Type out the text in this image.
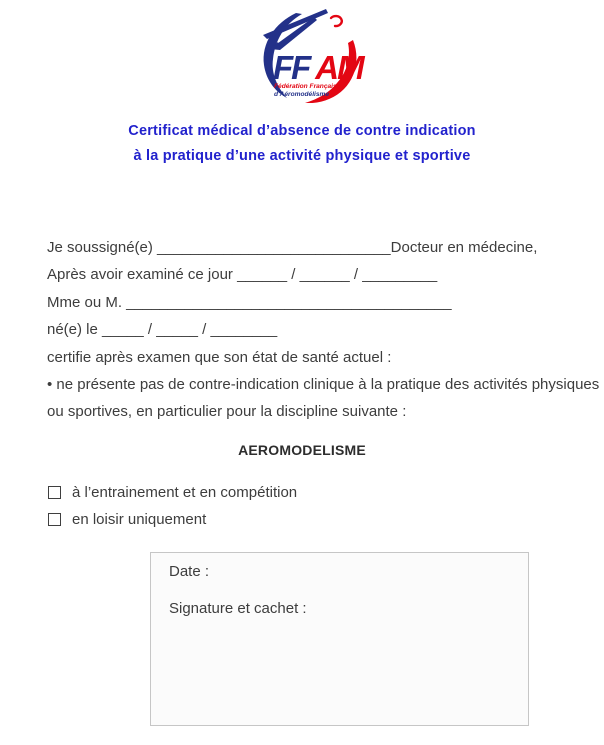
FF AM
Fédération Française
d'Aéromodélisme
Certificat médical d’absence de contre indication
à la pratique d’une activité physique et sportive
Je soussigné(e) ____________________________Docteur en médecine,
Après avoir examiné ce jour ______ / ______ / _________
Mme ou M. _______________________________________
né(e) le _____ / _____ / ________
certifie après examen que son état de santé actuel :
• ne présente pas de contre-indication clinique à la pratique des activités physiques
ou sportives, en particulier pour la discipline suivante :
AEROMODELISME
à l’entrainement et en compétition
en loisir uniquement
Date :
Signature et cachet :
